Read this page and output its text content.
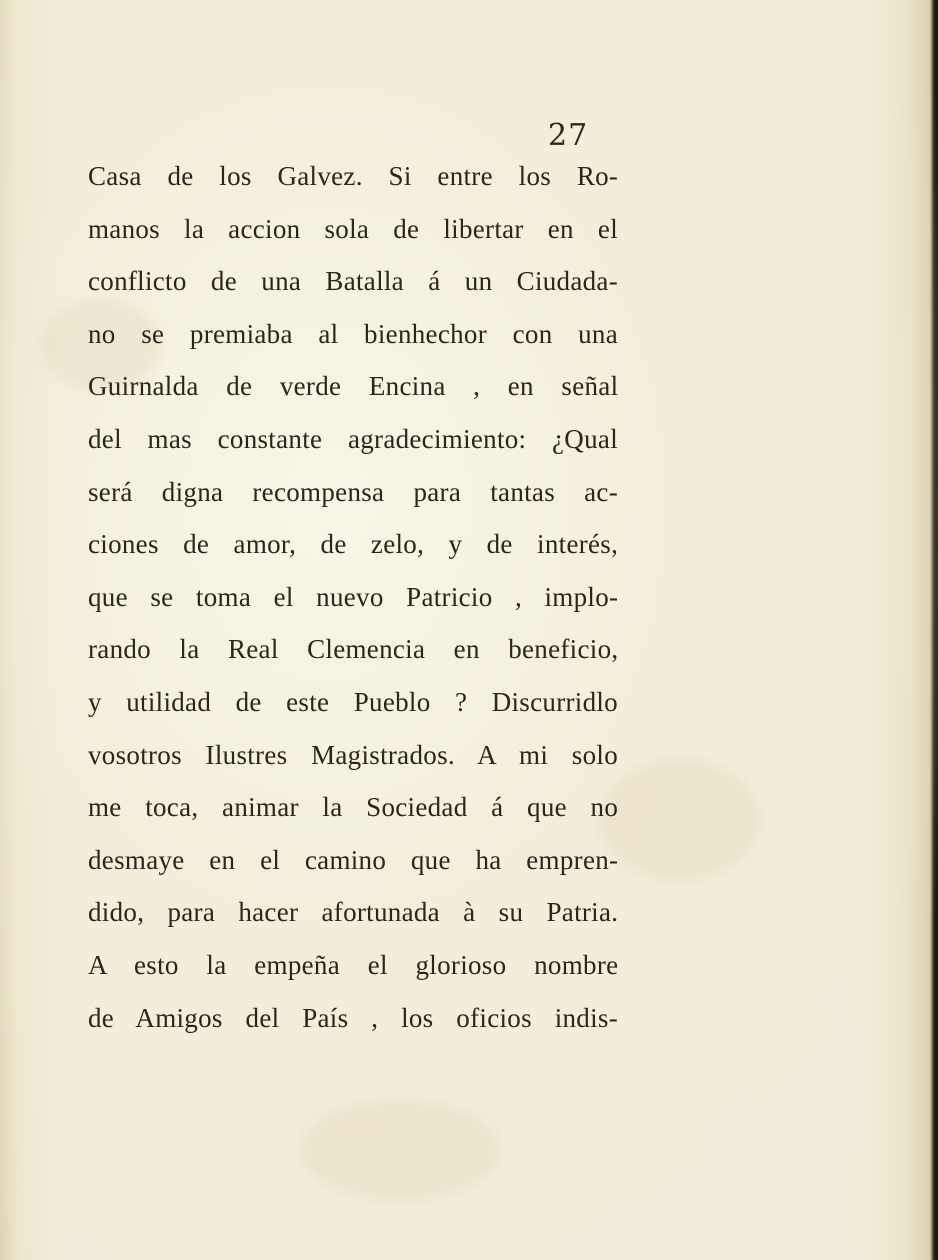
27
Casa de los Galvez. Si entre los Ro-
manos la accion sola de libertar en el
conflicto de una Batalla á un Ciudada-
no se premiaba al bienhechor con una
Guirnalda de verde Encina , en señal
del mas constante agradecimiento: ¿Qual
será digna recompensa para tantas ac-
ciones de amor, de zelo, y de interés,
que se toma el nuevo Patricio , implo-
rando la Real Clemencia en beneficio,
y utilidad de este Pueblo ? Discurridlo
vosotros Ilustres Magistrados. A mi solo
me toca, animar la Sociedad á que no
desmaye en el camino que ha empren-
dido, para hacer afortunada à su Patria.
A esto la empeña el glorioso nombre
de Amigos del País , los oficios indis-
